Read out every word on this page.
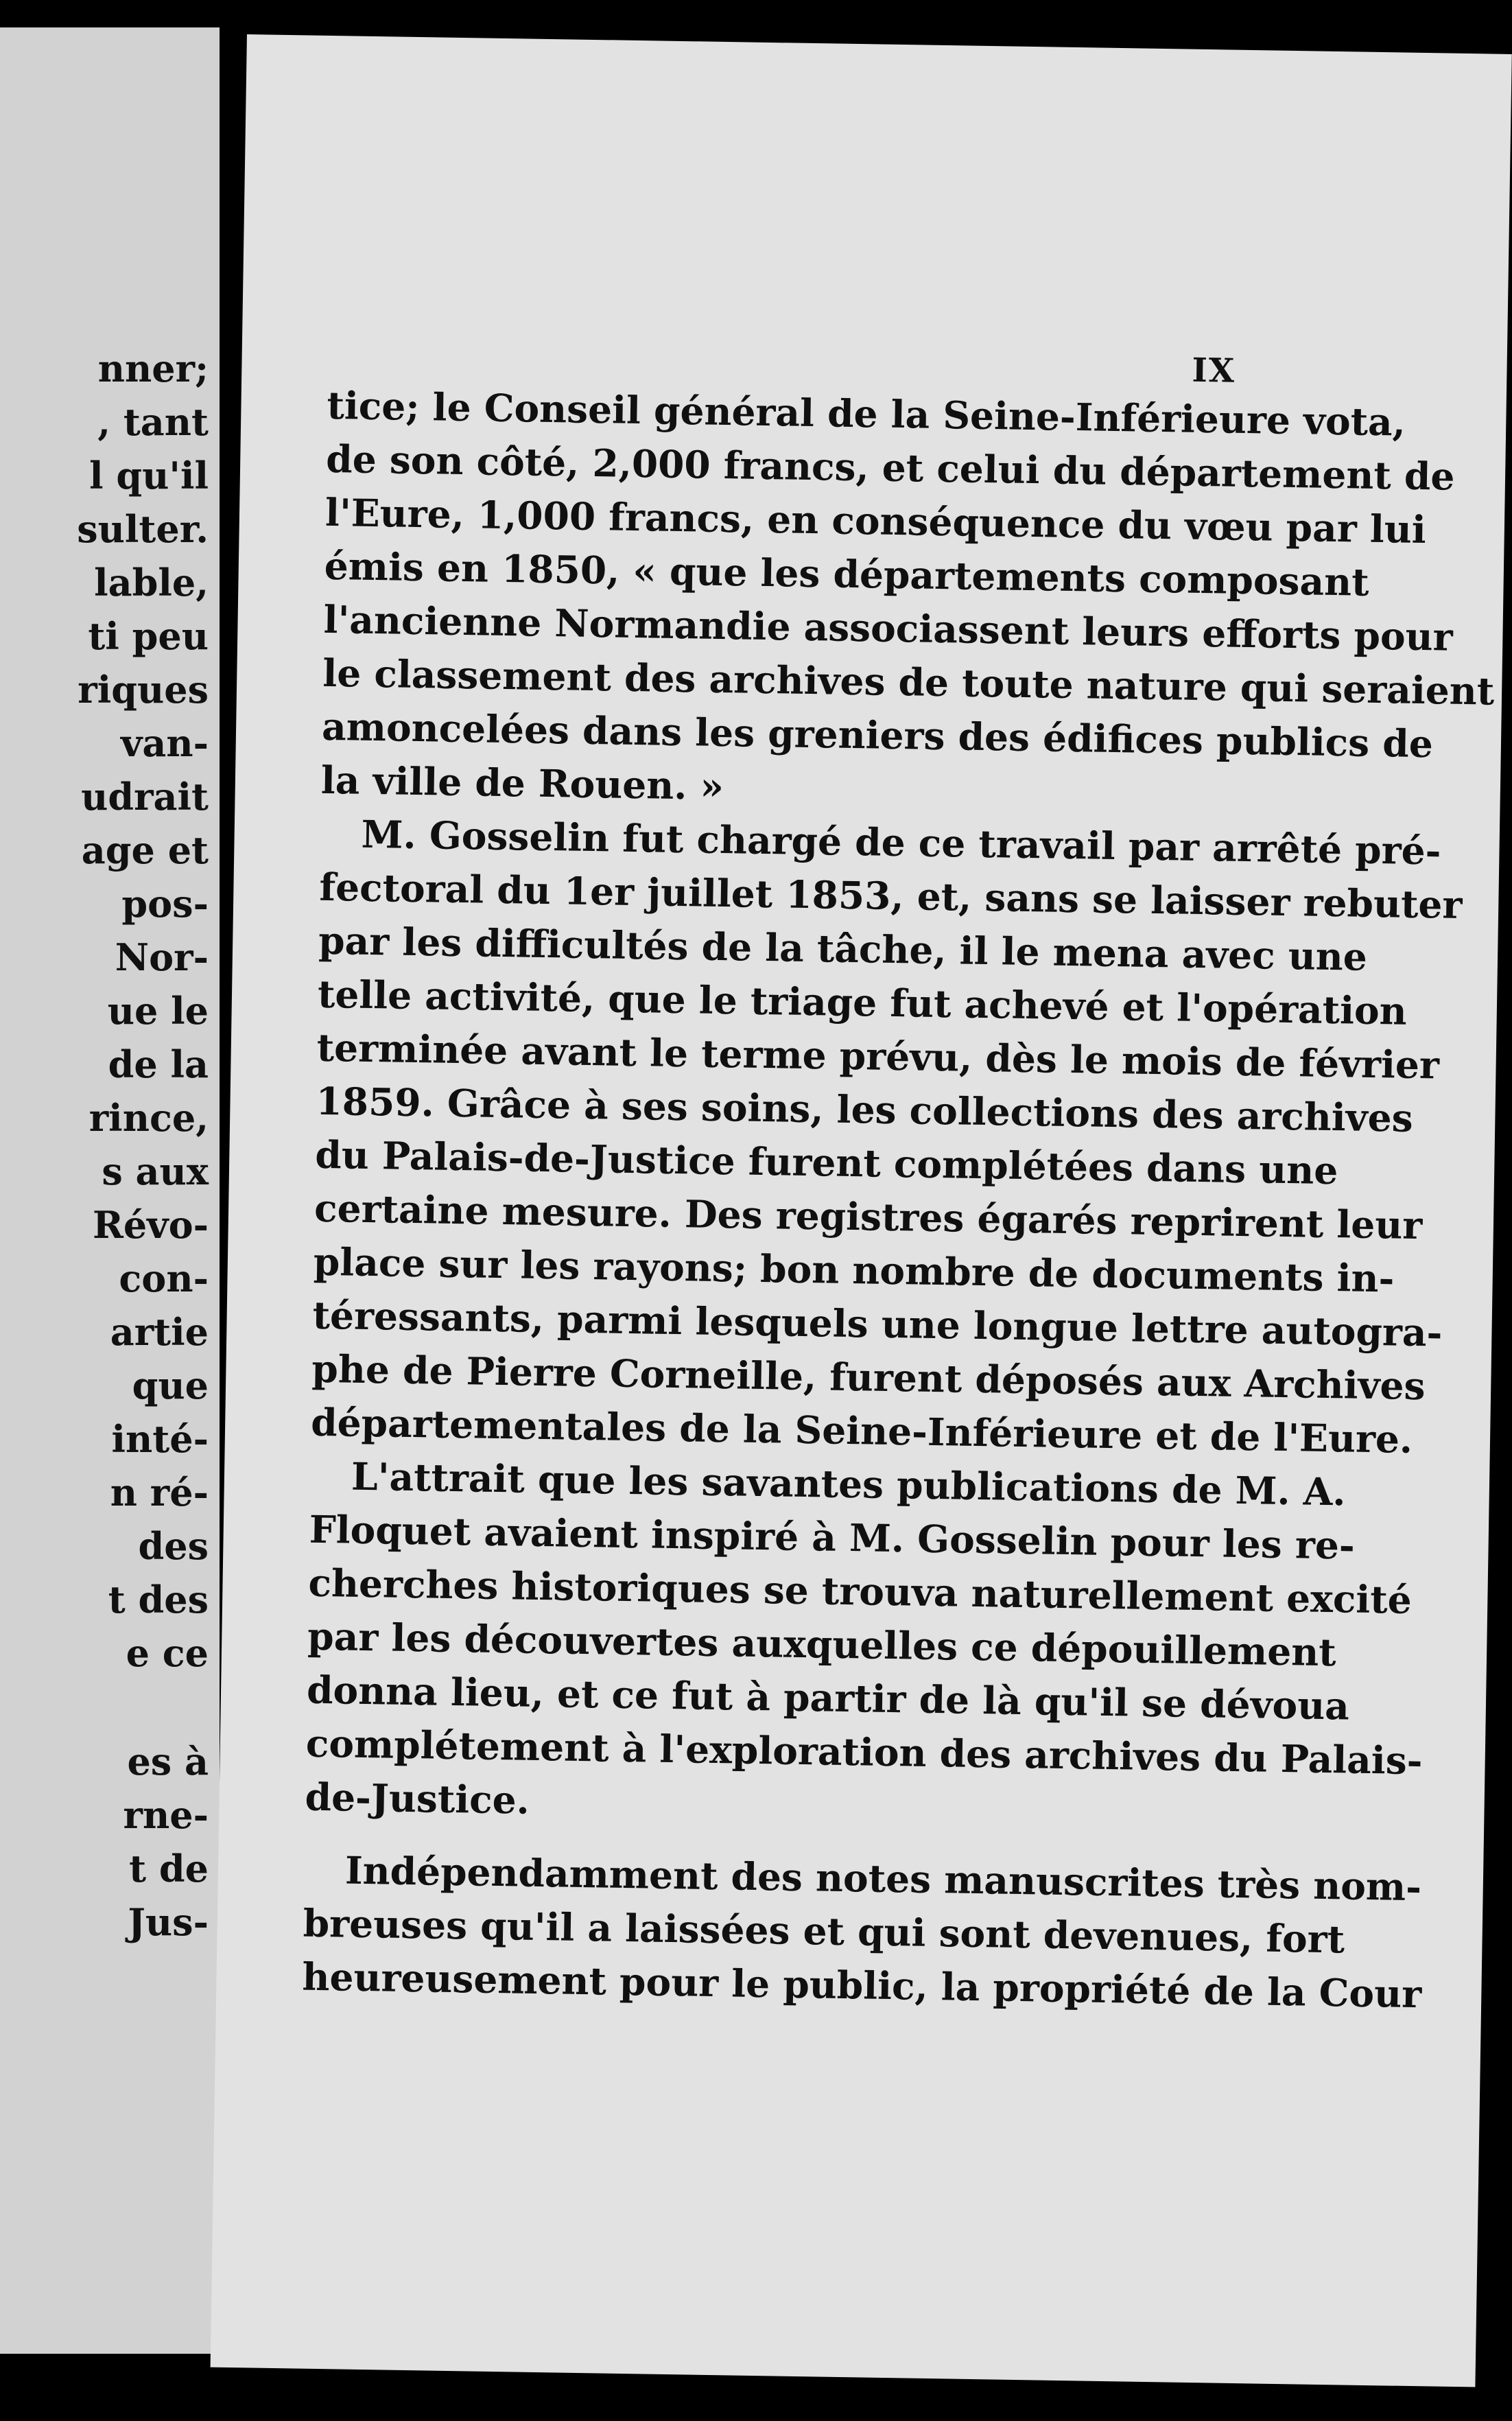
nner;
, tant
l qu'il
sulter.
lable,
ti peu
riques
van-
udrait
age et
pos-
Nor-
ue le
de la
rince,
s aux
Révo-
con-
artie
que
inté-
n ré-
des
t des
e ce
es à
rne-
t de
Jus-
IX
tice; le Conseil général de la Seine-Inférieure vota,
de son côté, 2,000 francs, et celui du département de
l'Eure, 1,000 francs, en conséquence du vœu par lui
émis en 1850, « que les départements composant
l'ancienne Normandie associassent leurs efforts pour
le classement des archives de toute nature qui seraient
amoncelées dans les greniers des édifices publics de
la ville de Rouen. »
M. Gosselin fut chargé de ce travail par arrêté pré-
fectoral du 1er juillet 1853, et, sans se laisser rebuter
par les difficultés de la tâche, il le mena avec une
telle activité, que le triage fut achevé et l'opération
terminée avant le terme prévu, dès le mois de février
1859. Grâce à ses soins, les collections des archives
du Palais-de-Justice furent complétées dans une
certaine mesure. Des registres égarés reprirent leur
place sur les rayons; bon nombre de documents in-
téressants, parmi lesquels une longue lettre autogra-
phe de Pierre Corneille, furent déposés aux Archives
départementales de la Seine-Inférieure et de l'Eure.
L'attrait que les savantes publications de M. A.
Floquet avaient inspiré à M. Gosselin pour les re-
cherches historiques se trouva naturellement excité
par les découvertes auxquelles ce dépouillement
donna lieu, et ce fut à partir de là qu'il se dévoua
complétement à l'exploration des archives du Palais-
de-Justice.
Indépendamment des notes manuscrites très nom-
breuses qu'il a laissées et qui sont devenues, fort
heureusement pour le public, la propriété de la Cour
